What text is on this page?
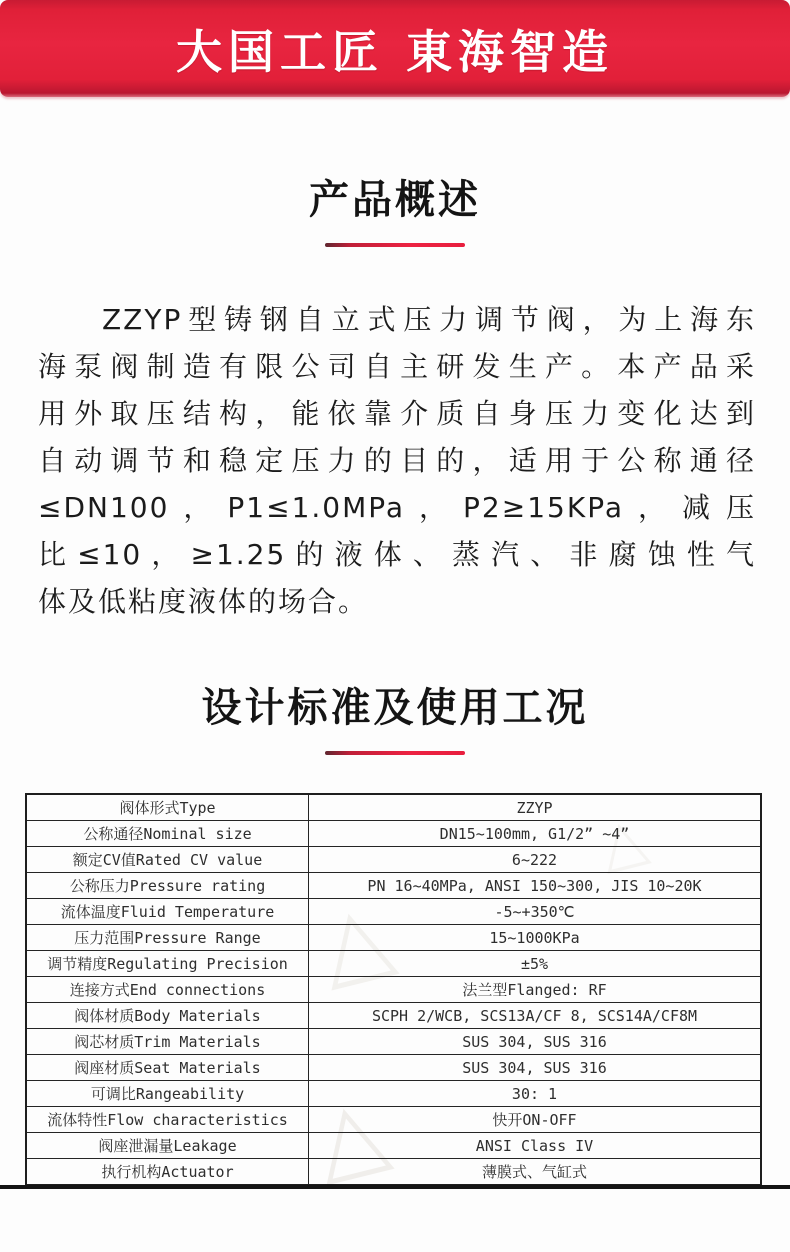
大国工匠 東海智造
产品概述
ZZYP型铸钢自立式压力调节阀，为上海东
海泵阀制造有限公司自主研发生产。本产品采
用外取压结构，能依靠介质自身压力变化达到
自动调节和稳定压力的目的，适用于公称通径
≤DN100，P1≤1.0MPa，P2≥15KPa，减压
比≤10，≥1.25的液体、蒸汽、非腐蚀性气
体及低粘度液体的场合。
设计标准及使用工况
△
△
△
阀体形式Type	ZZYP
公称通径Nominal size	DN15~100mm, G1/2” ~4”
额定CV值Rated CV value	6~222
公称压力Pressure rating	PN 16~40MPa, ANSI 150~300, JIS 10~20K
流体温度Fluid Temperature	-5~+350℃
压力范围Pressure Range	15~1000KPa
调节精度Regulating Precision	±5%
连接方式End connections	法兰型Flanged: RF
阀体材质Body Materials	SCPH 2/WCB, SCS13A/CF 8, SCS14A/CF8M
阀芯材质Trim Materials	SUS 304, SUS 316
阀座材质Seat Materials	SUS 304, SUS 316
可调比Rangeability	30: 1
流体特性Flow characteristics	快开ON-OFF
阀座泄漏量Leakage	ANSI Class IV
执行机构Actuator	薄膜式、气缸式
